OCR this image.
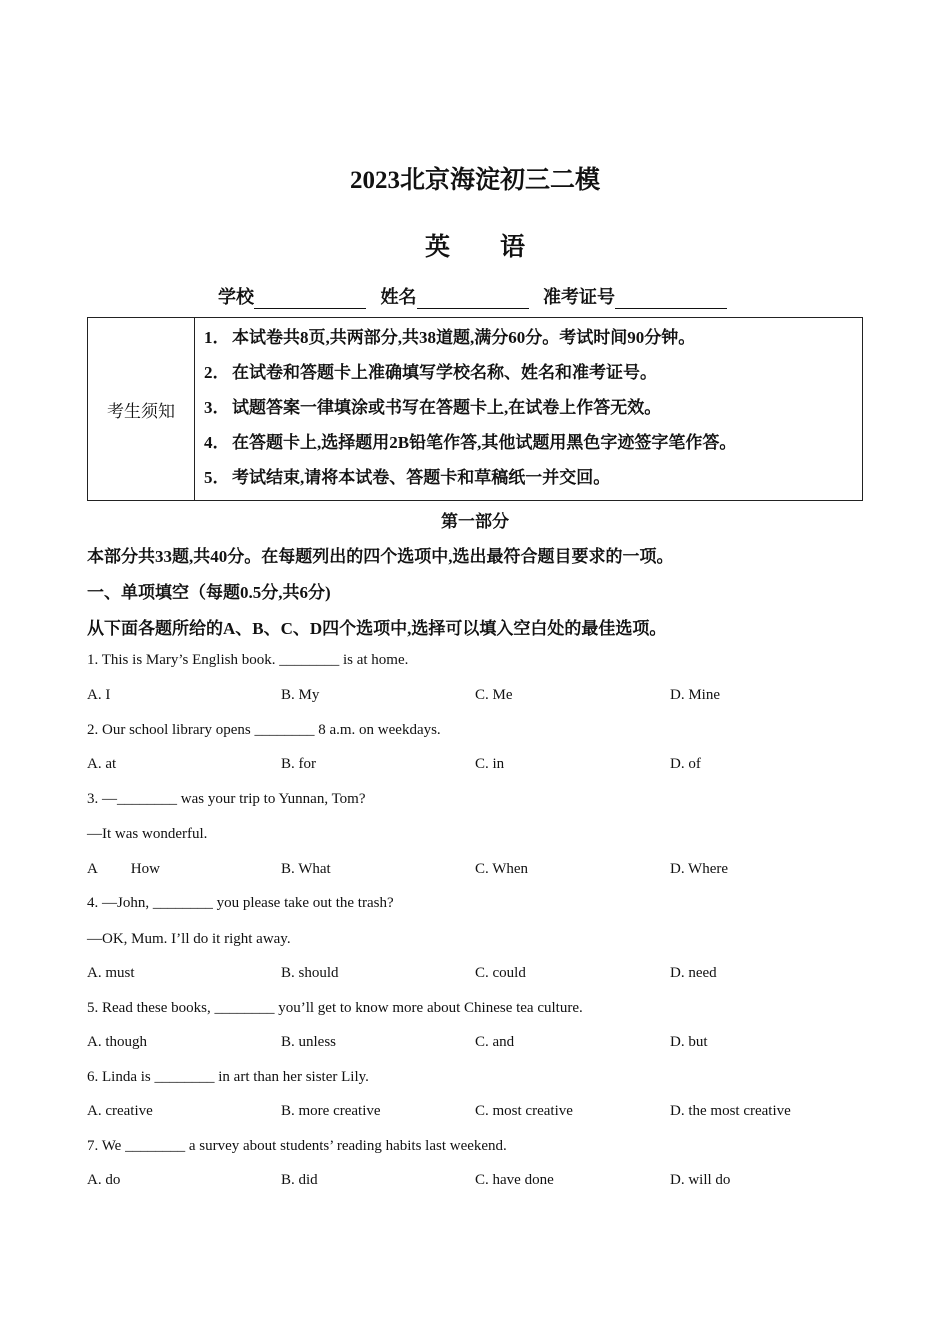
2023北京海淀初三二模
英语
学校	姓名	准考证号
考生须知
1． 本试卷共8页,共两部分,共38道题,满分60分。考试时间90分钟。
2． 在试卷和答题卡上准确填写学校名称、姓名和准考证号。
3． 试题答案一律填涂或书写在答题卡上,在试卷上作答无效。
4． 在答题卡上,选择题用2B铅笔作答,其他试题用黑色字迹签字笔作答。
5． 考试结束,请将本试卷、答题卡和草稿纸一并交回。
第一部分
本部分共33题,共40分。在每题列出的四个选项中,选出最符合题目要求的一项。
一、单项填空（每题0.5分,共6分)
从下面各题所给的A、B、C、D四个选项中,选择可以填入空白处的最佳选项。
1. This is Mary’s English book. ________ is at home.
A. I	B. My	C. Me	D. Mine
2. Our school library opens ________ 8 a.m. on weekdays.
A. at	B. for	C. in	D. of
3. —________ was your trip to Yunnan, Tom?
—It was wonderful.
A         How	B. What	C. When	D. Where
4. —John, ________ you please take out the trash?
—OK, Mum. I’ll do it right away.
A. must	B. should	C. could	D. need
5. Read these books, ________ you’ll get to know more about Chinese tea culture.
A. though	B. unless	C. and	D. but
6. Linda is ________ in art than her sister Lily.
A. creative	B. more creative	C. most creative	D. the most creative
7. We ________ a survey about students’ reading habits last weekend.
A. do	B. did	C. have done	D. will do
